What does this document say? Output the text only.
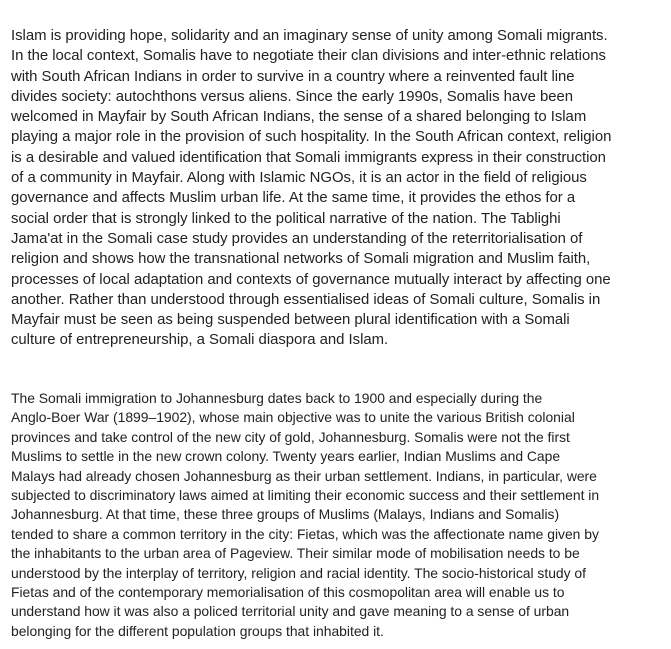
Islam is providing hope, solidarity and an imaginary sense of unity among Somali migrants.
In the local context, Somalis have to negotiate their clan divisions and inter-ethnic relations
with South African Indians in order to survive in a country where a reinvented fault line
divides society: autochthons versus aliens. Since the early 1990s, Somalis have been
welcomed in Mayfair by South African Indians, the sense of a shared belonging to Islam
playing a major role in the provision of such hospitality. In the South African context, religion
is a desirable and valued identification that Somali immigrants express in their construction
of a community in Mayfair. Along with Islamic NGOs, it is an actor in the field of religious
governance and affects Muslim urban life. At the same time, it provides the ethos for a
social order that is strongly linked to the political narrative of the nation. The Tablighi
Jama'at in the Somali case study provides an understanding of the reterritorialisation of
religion and shows how the transnational networks of Somali migration and Muslim faith,
processes of local adaptation and contexts of governance mutually interact by affecting one
another. Rather than understood through essentialised ideas of Somali culture, Somalis in
Mayfair must be seen as being suspended between plural identification with a Somali
culture of entrepreneurship, a Somali diaspora and Islam.

The Somali immigration to Johannesburg dates back to 1900 and especially during the
Anglo-Boer War (1899–1902), whose main objective was to unite the various British colonial
provinces and take control of the new city of gold, Johannesburg. Somalis were not the first
Muslims to settle in the new crown colony. Twenty years earlier, Indian Muslims and Cape
Malays had already chosen Johannesburg as their urban settlement. Indians, in particular, were
subjected to discriminatory laws aimed at limiting their economic success and their settlement in
Johannesburg. At that time, these three groups of Muslims (Malays, Indians and Somalis)
tended to share a common territory in the city: Fietas, which was the affectionate name given by
the inhabitants to the urban area of Pageview. Their similar mode of mobilisation needs to be
understood by the interplay of territory, religion and racial identity. The socio-historical study of
Fietas and of the contemporary memorialisation of this cosmopolitan area will enable us to
understand how it was also a policed territorial unity and gave meaning to a sense of urban
belonging for the different population groups that inhabited it.
